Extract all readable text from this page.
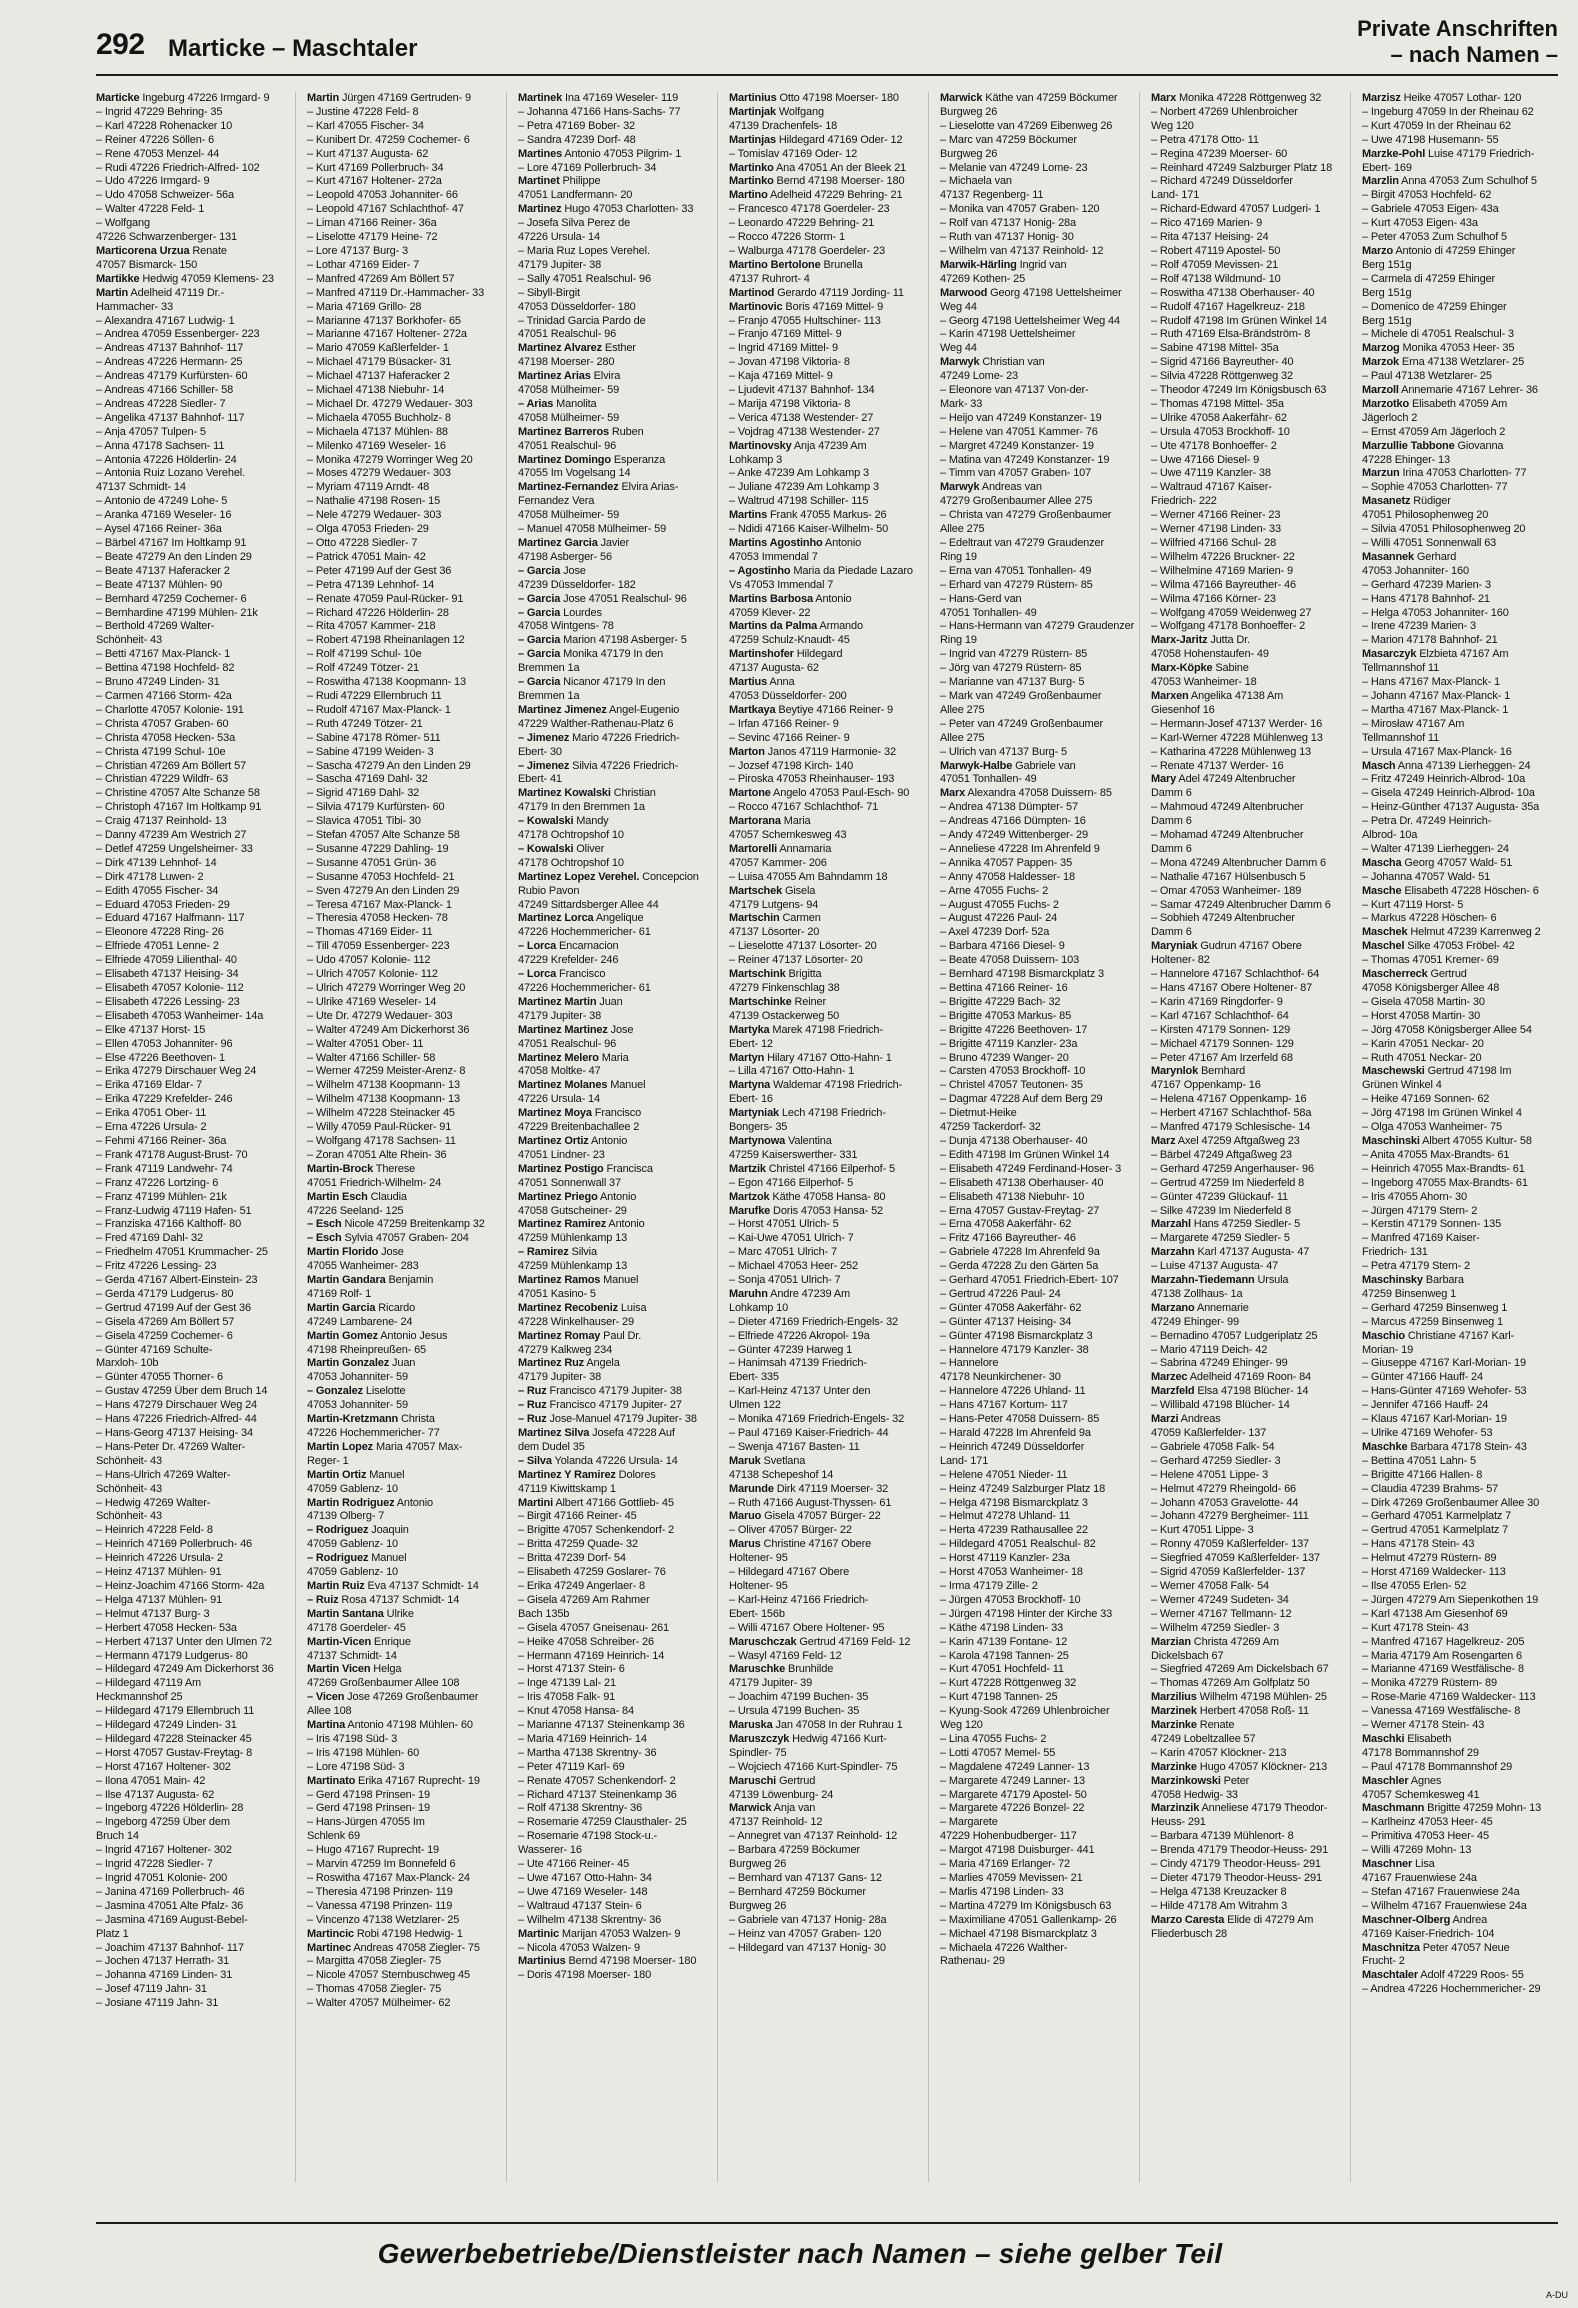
292 Marticke – Maschtaler
Private Anschriften
– nach Namen –
Marticke Ingeburg 47226 Irmgard- 9
– Ingrid 47229 Behring- 35
– Karl 47228 Rohenacker 10
– Reiner 47226 Söllen- 6
– Rene 47053 Menzel- 44
– Rudi 47226 Friedrich-Alfred- 102
– Udo 47226 Irmgard- 9
– Udo 47058 Schweizer- 56a
– Walter 47228 Feld- 1
– Wolfgang
47226 Schwarzenberger- 131
Marticorena Urzua Renate
47057 Bismarck- 150
Martikke Hedwig 47059 Klemens- 23
Martin Adelheid 47119 Dr.-
Hammacher- 33
– Alexandra 47167 Ludwig- 1
– Andrea 47059 Essenberger- 223
– Andreas 47137 Bahnhof- 117
– Andreas 47226 Hermann- 25
– Andreas 47179 Kurfürsten- 60
– Andreas 47166 Schiller- 58
– Andreas 47228 Siedler- 7
– Angelika 47137 Bahnhof- 117
– Anja 47057 Tulpen- 5
– Anna 47178 Sachsen- 11
– Antonia 47226 Hölderlin- 24
– Antonia Ruiz Lozano Verehel.
47137 Schmidt- 14
– Antonio de 47249 Lohe- 5
– Aranka 47169 Weseler- 16
– Aysel 47166 Reiner- 36a
– Bärbel 47167 Im Holtkamp 91
– Beate 47279 An den Linden 29
– Beate 47137 Haferacker 2
– Beate 47137 Mühlen- 90
– Bernhard 47259 Cochemer- 6
– Bernhardine 47199 Mühlen- 21k
– Berthold 47269 Walter-
Schönheit- 43
– Betti 47167 Max-Planck- 1
– Bettina 47198 Hochfeld- 82
– Bruno 47249 Linden- 31
– Carmen 47166 Storm- 42a
– Charlotte 47057 Kolonie- 191
– Christa 47057 Graben- 60
– Christa 47058 Hecken- 53a
– Christa 47199 Schul- 10e
– Christian 47269 Am Böllert 57
– Christian 47229 Wildfr- 63
– Christine 47057 Alte Schanze 58
– Christoph 47167 Im Holtkamp 91
– Craig 47137 Reinhold- 13
– Danny 47239 Am Westrich 27
– Detlef 47259 Ungelsheimer- 33
– Dirk 47139 Lehnhof- 14
– Dirk 47178 Luwen- 2
– Edith 47055 Fischer- 34
– Eduard 47053 Frieden- 29
– Eduard 47167 Halfmann- 117
– Eleonore 47228 Ring- 26
– Elfriede 47051 Lenne- 2
– Elfriede 47059 Lilienthal- 40
– Elisabeth 47137 Heising- 34
– Elisabeth 47057 Kolonie- 112
– Elisabeth 47226 Lessing- 23
– Elisabeth 47053 Wanheimer- 14a
– Elke 47137 Horst- 15
– Ellen 47053 Johanniter- 96
– Else 47226 Beethoven- 1
– Erika 47279 Dirschauer Weg 24
– Erika 47169 Eldar- 7
– Erika 47229 Krefelder- 246
– Erika 47051 Ober- 11
– Erna 47226 Ursula- 2
– Fehmi 47166 Reiner- 36a
– Frank 47178 August-Brust- 70
– Frank 47119 Landwehr- 74
– Franz 47226 Lortzing- 6
– Franz 47199 Mühlen- 21k
– Franz-Ludwig 47119 Hafen- 51
– Franziska 47166 Kalthoff- 80
– Fred 47169 Dahl- 32
– Friedhelm 47051 Krummacher- 25
– Fritz 47226 Lessing- 23
– Gerda 47167 Albert-Einstein- 23
– Gerda 47179 Ludgerus- 80
– Gertrud 47199 Auf der Gest 36
– Gisela 47269 Am Böllert 57
– Gisela 47259 Cochemer- 6
– Günter 47169 Schulte-
Marxloh- 10b
– Günter 47055 Thorner- 6
– Gustav 47259 Über dem Bruch 14
– Hans 47279 Dirschauer Weg 24
– Hans 47226 Friedrich-Alfred- 44
– Hans-Georg 47137 Heising- 34
– Hans-Peter Dr. 47269 Walter-
Schönheit- 43
– Hans-Ulrich 47269 Walter-
Schönheit- 43
– Hedwig 47269 Walter-
Schönheit- 43
– Heinrich 47228 Feld- 8
– Heinrich 47169 Pollerbruch- 46
– Heinrich 47226 Ursula- 2
– Heinz 47137 Mühlen- 91
– Heinz-Joachim 47166 Storm- 42a
– Helga 47137 Mühlen- 91
– Helmut 47137 Burg- 3
– Herbert 47058 Hecken- 53a
– Herbert 47137 Unter den Ulmen 72
– Hermann 47179 Ludgerus- 80
– Hildegard 47249 Am Dickerhorst 36
– Hildegard 47119 Am
Heckmannshof 25
– Hildegard 47179 Ellernbruch 11
– Hildegard 47249 Linden- 31
– Hildegard 47228 Steinacker 45
– Horst 47057 Gustav-Freytag- 8
– Horst 47167 Holtener- 302
– Ilona 47051 Main- 42
– Ilse 47137 Augusta- 62
– Ingeborg 47226 Hölderlin- 28
– Ingeborg 47259 Über dem
Bruch 14
– Ingrid 47167 Holtener- 302
– Ingrid 47228 Siedler- 7
– Ingrid 47051 Kolonie- 200
– Janina 47169 Pollerbruch- 46
– Jasmina 47051 Alte Pfalz- 36
– Jasmina 47169 August-Bebel-
Platz 1
– Joachim 47137 Bahnhof- 117
– Jochen 47137 Herrath- 31
– Johanna 47169 Linden- 31
– Josef 47119 Jahn- 31
– Josiane 47119 Jahn- 31
Martin Jürgen 47169 Gertruden- 9
– Justine 47228 Feld- 8
– Karl 47055 Fischer- 34
– Kunibert Dr. 47259 Cochemer- 6
– Kurt 47137 Augusta- 62
– Kurt 47169 Pollerbruch- 34
– Kurt 47167 Holtener- 272a
– Leopold 47053 Johanniter- 66
– Leopold 47167 Schlachthof- 47
– Liman 47166 Reiner- 36a
– Liselotte 47179 Heine- 72
– Lore 47137 Burg- 3
– Lothar 47169 Eider- 7
– Manfred 47269 Am Böllert 57
– Manfred 47119 Dr.-Hammacher- 33
– Maria 47169 Grillo- 28
– Marianne 47137 Borkhofer- 65
– Marianne 47167 Holtener- 272a
– Mario 47059 Kaßlerfelder- 1
– Michael 47179 Büsacker- 31
– Michael 47137 Haferacker 2
– Michael 47138 Niebuhr- 14
– Michael Dr. 47279 Wedauer- 303
– Michaela 47055 Buchholz- 8
– Michaela 47137 Mühlen- 88
– Milenko 47169 Weseler- 16
– Monika 47279 Worringer Weg 20
– Moses 47279 Wedauer- 303
– Myriam 47119 Arndt- 48
– Nathalie 47198 Rosen- 15
– Nele 47279 Wedauer- 303
– Olga 47053 Frieden- 29
– Otto 47228 Siedler- 7
– Patrick 47051 Main- 42
– Peter 47199 Auf der Gest 36
– Petra 47139 Lehnhof- 14
– Renate 47059 Paul-Rücker- 91
– Richard 47226 Hölderlin- 28
– Rita 47057 Kammer- 218
– Robert 47198 Rheinanlagen 12
– Rolf 47199 Schul- 10e
– Rolf 47249 Tötzer- 21
– Roswitha 47138 Koopmann- 13
– Rudi 47229 Ellernbruch 11
– Rudolf 47167 Max-Planck- 1
– Ruth 47249 Tötzer- 21
– Sabine 47178 Römer- 511
– Sabine 47199 Weiden- 3
– Sascha 47279 An den Linden 29
– Sascha 47169 Dahl- 32
– Sigrid 47169 Dahl- 32
– Silvia 47179 Kurfürsten- 60
– Slavica 47051 Tibi- 30
– Stefan 47057 Alte Schanze 58
– Susanne 47229 Dahling- 19
– Susanne 47051 Grün- 36
– Susanne 47053 Hochfeld- 21
– Sven 47279 An den Linden 29
– Teresa 47167 Max-Planck- 1
– Theresia 47058 Hecken- 78
– Thomas 47169 Eider- 11
– Till 47059 Essenberger- 223
– Udo 47057 Kolonie- 112
– Ulrich 47057 Kolonie- 112
– Ulrich 47279 Worringer Weg 20
– Ulrike 47169 Weseler- 14
– Ute Dr. 47279 Wedauer- 303
– Walter 47249 Am Dickerhorst 36
– Walter 47051 Ober- 11
– Walter 47166 Schiller- 58
– Werner 47259 Meister-Arenz- 8
– Wilhelm 47138 Koopmann- 13
– Wilhelm 47138 Koopmann- 13
– Wilhelm 47228 Steinacker 45
– Willy 47059 Paul-Rücker- 91
– Wolfgang 47178 Sachsen- 11
– Zoran 47051 Alte Rhein- 36
Martin-Brock Therese
47051 Friedrich-Wilhelm- 24
Martin Esch Claudia
47226 Seeland- 125
– Esch Nicole 47259 Breitenkamp 32
– Esch Sylvia 47057 Graben- 204
Martin Florido Jose
47055 Wanheimer- 283
Martin Gandara Benjamin
47169 Rolf- 1
Martin Garcia Ricardo
47249 Lambarene- 24
Martin Gomez Antonio Jesus
47198 Rheinpreußen- 65
Martin Gonzalez Juan
47053 Johanniter- 59
– Gonzalez Liselotte
47053 Johanniter- 59
Martin-Kretzmann Christa
47226 Hochemmericher- 77
Martin Lopez Maria 47057 Max-
Reger- 1
Martin Ortiz Manuel
47059 Gablenz- 10
Martin Rodriguez Antonio
47139 Olberg- 7
– Rodriguez Joaquin
47059 Gablenz- 10
– Rodriguez Manuel
47059 Gablenz- 10
Martin Ruiz Eva 47137 Schmidt- 14
– Ruiz Rosa 47137 Schmidt- 14
Martin Santana Ulrike
47178 Goerdeler- 45
Martin-Vicen Enrique
47137 Schmidt- 14
Martin Vicen Helga
47269 Großenbaumer Allee 108
– Vicen Jose 47269 Großenbaumer
Allee 108
Martina Antonio 47198 Mühlen- 60
– Iris 47198 Süd- 3
– Iris 47198 Mühlen- 60
– Lore 47198 Süd- 3
Martinato Erika 47167 Ruprecht- 19
– Gerd 47198 Prinsen- 19
– Gerd 47198 Prinsen- 19
– Hans-Jürgen 47055 Im
Schlenk 69
– Hugo 47167 Ruprecht- 19
– Marvin 47259 Im Bonnefeld 6
– Roswitha 47167 Max-Planck- 24
– Theresia 47198 Prinzen- 119
– Vanessa 47198 Prinzen- 119
– Vincenzo 47138 Wetzlarer- 25
Martincic Robi 47198 Hedwig- 1
Martinec Andreas 47058 Ziegler- 75
– Margitta 47058 Ziegler- 75
– Nicole 47057 Sternbuschweg 45
– Thomas 47058 Ziegler- 75
– Walter 47057 Mülheimer- 62
Martinek Ina 47169 Weseler- 119
– Johanna 47166 Hans-Sachs- 77
– Petra 47169 Bober- 32
– Sandra 47239 Dorf- 48
Martines Antonio 47053 Pilgrim- 1
– Lore 47169 Pollerbruch- 34
Martinet Philippe
47051 Landfermann- 20
Martinez Hugo 47053 Charlotten- 33
– Josefa Silva Perez de
47226 Ursula- 14
– Maria Ruz Lopes Verehel.
47179 Jupiter- 38
– Sally 47051 Realschul- 96
– Sibyll-Birgit
47053 Düsseldorfer- 180
– Trinidad Garcia Pardo de
47051 Realschul- 96
Martinez Alvarez Esther
47198 Moerser- 280
Martinez Arias Elvira
47058 Mülheimer- 59
– Arias Manolita
47058 Mülheimer- 59
Martinez Barreros Ruben
47051 Realschul- 96
Martinez Domingo Esperanza
47055 Im Vogelsang 14
Martinez-Fernandez Elvira Arias-
Fernandez Vera
47058 Mülheimer- 59
– Manuel 47058 Mülheimer- 59
Martinez Garcia Javier
47198 Asberger- 56
– Garcia Jose
47239 Düsseldorfer- 182
– Garcia Jose 47051 Realschul- 96
– Garcia Lourdes
47058 Wintgens- 78
– Garcia Marion 47198 Asberger- 5
– Garcia Monika 47179 In den
Bremmen 1a
– Garcia Nicanor 47179 In den
Bremmen 1a
Martinez Jimenez Angel-Eugenio
47229 Walther-Rathenau-Platz 6
– Jimenez Mario 47226 Friedrich-
Ebert- 30
– Jimenez Silvia 47226 Friedrich-
Ebert- 41
Martinez Kowalski Christian
47179 In den Bremmen 1a
– Kowalski Mandy
47178 Ochtropshof 10
– Kowalski Oliver
47178 Ochtropshof 10
Martinez Lopez Verehel. Concepcion
Rubio Pavon
47249 Sittardsberger Allee 44
Martinez Lorca Angelique
47226 Hochemmericher- 61
– Lorca Encarnacion
47229 Krefelder- 246
– Lorca Francisco
47226 Hochemmericher- 61
Martinez Martin Juan
47179 Jupiter- 38
Martinez Martinez Jose
47051 Realschul- 96
Martinez Melero Maria
47058 Moltke- 47
Martinez Molanes Manuel
47226 Ursula- 14
Martinez Moya Francisco
47229 Breitenbachallee 2
Martinez Ortiz Antonio
47051 Lindner- 23
Martinez Postigo Francisca
47051 Sonnenwall 37
Martinez Priego Antonio
47058 Gutscheiner- 29
Martinez Ramirez Antonio
47259 Mühlenkamp 13
– Ramirez Silvia
47259 Mühlenkamp 13
Martinez Ramos Manuel
47051 Kasino- 5
Martinez Recobeniz Luisa
47228 Winkelhauser- 29
Martinez Romay Paul Dr.
47279 Kalkweg 234
Martinez Ruz Angela
47179 Jupiter- 38
– Ruz Francisco 47179 Jupiter- 38
– Ruz Francisco 47179 Jupiter- 27
– Ruz Jose-Manuel 47179 Jupiter- 38
Martinez Silva Josefa 47228 Auf
dem Dudel 35
– Silva Yolanda 47226 Ursula- 14
Martinez Y Ramirez Dolores
47119 Kiwittskamp 1
Martini Albert 47166 Gottlieb- 45
– Birgit 47166 Reiner- 45
– Brigitte 47057 Schenkendorf- 2
– Britta 47259 Quade- 32
– Britta 47239 Dorf- 54
– Elisabeth 47259 Goslarer- 76
– Erika 47249 Angerlaer- 8
– Gisela 47269 Am Rahmer
Bach 135b
– Gisela 47057 Gneisenau- 261
– Heike 47058 Schreiber- 26
– Hermann 47169 Heinrich- 14
– Horst 47137 Stein- 6
– Inge 47139 Lal- 21
– Iris 47058 Falk- 91
– Knut 47058 Hansa- 84
– Marianne 47137 Steinenkamp 36
– Maria 47169 Heinrich- 14
– Martha 47138 Skrentny- 36
– Peter 47119 Karl- 69
– Renate 47057 Schenkendorf- 2
– Richard 47137 Steinenkamp 36
– Rolf 47138 Skrentny- 36
– Rosemarie 47259 Clausthaler- 25
– Rosemarie 47198 Stock-u.-
Wasserer- 16
– Ute 47166 Reiner- 45
– Uwe 47167 Otto-Hahn- 34
– Uwe 47169 Weseler- 148
– Waltraud 47137 Stein- 6
– Wilhelm 47138 Skrentny- 36
Martinic Marijan 47053 Walzen- 9
– Nicola 47053 Walzen- 9
Martinius Bernd 47198 Moerser- 180
– Doris 47198 Moerser- 180
Martinius Otto 47198 Moerser- 180
Martinjak Wolfgang
47139 Drachenfels- 18
Martinjas Hildegard 47169 Oder- 12
– Tomislav 47169 Oder- 12
Martinko Ana 47051 An der Bleek 21
Martinko Bernd 47198 Moerser- 180
Martino Adelheid 47229 Behring- 21
– Francesco 47178 Goerdeler- 23
– Leonardo 47229 Behring- 21
– Rocco 47226 Storm- 1
– Walburga 47178 Goerdeler- 23
Martino Bertolone Brunella
47137 Ruhrort- 4
Martinod Gerardo 47119 Jording- 11
Martinovic Boris 47169 Mittel- 9
– Franjo 47055 Hultschiner- 113
– Franjo 47169 Mittel- 9
– Ingrid 47169 Mittel- 9
– Jovan 47198 Viktoria- 8
– Kaja 47169 Mittel- 9
– Ljudevit 47137 Bahnhof- 134
– Marija 47198 Viktoria- 8
– Verica 47138 Westender- 27
– Vojdrag 47138 Westender- 27
Martinovsky Anja 47239 Am
Lohkamp 3
– Anke 47239 Am Lohkamp 3
– Juliane 47239 Am Lohkamp 3
– Waltrud 47198 Schiller- 115
Martins Frank 47055 Markus- 26
– Ndidi 47166 Kaiser-Wilhelm- 50
Martins Agostinho Antonio
47053 Immendal 7
– Agostinho Maria da Piedade Lazaro
Vs 47053 Immendal 7
Martins Barbosa Antonio
47059 Klever- 22
Martins da Palma Armando
47259 Schulz-Knaudt- 45
Martinshofer Hildegard
47137 Augusta- 62
Martius Anna
47053 Düsseldorfer- 200
Martkaya Beytiye 47166 Reiner- 9
– Irfan 47166 Reiner- 9
– Sevinc 47166 Reiner- 9
Marton Janos 47119 Harmonie- 32
– Jozsef 47198 Kirch- 140
– Piroska 47053 Rheinhauser- 193
Martone Angelo 47053 Paul-Esch- 90
– Rocco 47167 Schlachthof- 71
Martorana Maria
47057 Schemkesweg 43
Martorelli Annamaria
47057 Kammer- 206
– Luisa 47055 Am Bahndamm 18
Martschek Gisela
47179 Lutgens- 94
Martschin Carmen
47137 Lösorter- 20
– Lieselotte 47137 Lösorter- 20
– Reiner 47137 Lösorter- 20
Martschink Brigitta
47279 Finkenschlag 38
Martschinke Reiner
47139 Ostackerweg 50
Martyka Marek 47198 Friedrich-
Ebert- 12
Martyn Hilary 47167 Otto-Hahn- 1
– Lilla 47167 Otto-Hahn- 1
Martyna Waldemar 47198 Friedrich-
Ebert- 16
Martyniak Lech 47198 Friedrich-
Bongers- 35
Martynowa Valentina
47259 Kaiserswerther- 331
Martzik Christel 47166 Eilperhof- 5
– Egon 47166 Eilperhof- 5
Martzok Käthe 47058 Hansa- 80
Marufke Doris 47053 Hansa- 52
– Horst 47051 Ulrich- 5
– Kai-Uwe 47051 Ulrich- 7
– Marc 47051 Ulrich- 7
– Michael 47053 Heer- 252
– Sonja 47051 Ulrich- 7
Maruhn Andre 47239 Am
Lohkamp 10
– Dieter 47169 Friedrich-Engels- 32
– Elfriede 47226 Akropol- 19a
– Günter 47239 Harweg 1
– Hanimsah 47139 Friedrich-
Ebert- 335
– Karl-Heinz 47137 Unter den
Ulmen 122
– Monika 47169 Friedrich-Engels- 32
– Paul 47169 Kaiser-Friedrich- 44
– Swenja 47167 Basten- 11
Maruk Svetlana
47138 Schepeshof 14
Marunde Dirk 47119 Moerser- 32
– Ruth 47166 August-Thyssen- 61
Maruo Gisela 47057 Bürger- 22
– Oliver 47057 Bürger- 22
Marus Christine 47167 Obere
Holtener- 95
– Hildegard 47167 Obere
Holtener- 95
– Karl-Heinz 47166 Friedrich-
Ebert- 156b
– Willi 47167 Obere Holtener- 95
Maruschczak Gertrud 47169 Feld- 12
– Wasyl 47169 Feld- 12
Maruschke Brunhilde
47179 Jupiter- 39
– Joachim 47199 Buchen- 35
– Ursula 47199 Buchen- 35
Maruska Jan 47058 In der Ruhrau 1
Maruszczyk Hedwig 47166 Kurt-
Spindler- 75
– Wojciech 47166 Kurt-Spindler- 75
Maruschi Gertrud
47139 Löwenburg- 24
Marwick Anja van
47137 Reinhold- 12
– Annegret van 47137 Reinhold- 12
– Barbara 47259 Böckumer
Burgweg 26
– Bernhard van 47137 Gans- 12
– Bernhard 47259 Böckumer
Burgweg 26
– Gabriele van 47137 Honig- 28a
– Heinz van 47057 Graben- 120
– Hildegard van 47137 Honig- 30
Marwick Käthe van 47259 Böckumer
Burgweg 26
– Lieselotte van 47269 Eibenweg 26
– Marc van 47259 Böckumer
Burgweg 26
– Melanie van 47249 Lome- 23
– Michaela van
47137 Regenberg- 11
– Monika van 47057 Graben- 120
– Rolf van 47137 Honig- 28a
– Ruth van 47137 Honig- 30
– Wilhelm van 47137 Reinhold- 12
Marwik-Härling Ingrid van
47269 Kothen- 25
Marwood Georg 47198 Uettelsheimer
Weg 44
– Georg 47198 Uettelsheimer Weg 44
– Karin 47198 Uettelsheimer
Weg 44
Marwyk Christian van
47249 Lome- 23
– Eleonore van 47137 Von-der-
Mark- 33
– Heijo van 47249 Konstanzer- 19
– Helene van 47051 Kammer- 76
– Margret 47249 Konstanzer- 19
– Matina van 47249 Konstanzer- 19
– Timm van 47057 Graben- 107
Marwyk Andreas van
47279 Großenbaumer Allee 275
– Christa van 47279 Großenbaumer
Allee 275
– Edeltraut van 47279 Graudenzer
Ring 19
– Erna van 47051 Tonhallen- 49
– Erhard van 47279 Rüstern- 85
– Hans-Gerd van
47051 Tonhallen- 49
– Hans-Hermann van 47279 Graudenzer
Ring 19
– Ingrid van 47279 Rüstern- 85
– Jörg van 47279 Rüstern- 85
– Marianne van 47137 Burg- 5
– Mark van 47249 Großenbaumer
Allee 275
– Peter van 47249 Großenbaumer
Allee 275
– Ulrich van 47137 Burg- 5
Marwyk-Halbe Gabriele van
47051 Tonhallen- 49
Marx Alexandra 47058 Duissern- 85
– Andrea 47138 Dümpter- 57
– Andreas 47166 Dümpten- 16
– Andy 47249 Wittenberger- 29
– Anneliese 47228 Im Ahrenfeld 9
– Annika 47057 Pappen- 35
– Anny 47058 Haldesser- 18
– Arne 47055 Fuchs- 2
– August 47055 Fuchs- 2
– August 47226 Paul- 24
– Axel 47239 Dorf- 52a
– Barbara 47166 Diesel- 9
– Beate 47058 Duissern- 103
– Bernhard 47198 Bismarckplatz 3
– Bettina 47166 Reiner- 16
– Brigitte 47229 Bach- 32
– Brigitte 47053 Markus- 85
– Brigitte 47226 Beethoven- 17
– Brigitte 47119 Kanzler- 23a
– Bruno 47239 Wanger- 20
– Carsten 47053 Brockhoff- 10
– Christel 47057 Teutonen- 35
– Dagmar 47228 Auf dem Berg 29
– Dietmut-Heike
47259 Tackerdorf- 32
– Dunja 47138 Oberhauser- 40
– Edith 47198 Im Grünen Winkel 14
– Elisabeth 47249 Ferdinand-Hoser- 3
– Elisabeth 47138 Oberhauser- 40
– Elisabeth 47138 Niebuhr- 10
– Erna 47057 Gustav-Freytag- 27
– Erna 47058 Aakerfähr- 62
– Fritz 47166 Bayreuther- 46
– Gabriele 47228 Im Ahrenfeld 9a
– Gerda 47228 Zu den Gärten 5a
– Gerhard 47051 Friedrich-Ebert- 107
– Gertrud 47226 Paul- 24
– Günter 47058 Aakerfähr- 62
– Günter 47137 Heising- 34
– Günter 47198 Bismarckplatz 3
– Hannelore 47179 Kanzler- 38
– Hannelore
47178 Neunkirchener- 30
– Hannelore 47226 Uhland- 11
– Hans 47167 Kortum- 117
– Hans-Peter 47058 Duissern- 85
– Harald 47228 Im Ahrenfeld 9a
– Heinrich 47249 Düsseldorfer
Land- 171
– Helene 47051 Nieder- 11
– Heinz 47249 Salzburger Platz 18
– Helga 47198 Bismarckplatz 3
– Helmut 47278 Uhland- 11
– Herta 47239 Rathausallee 22
– Hildegard 47051 Realschul- 82
– Horst 47119 Kanzler- 23a
– Horst 47053 Wanheimer- 18
– Irma 47179 Zille- 2
– Jürgen 47053 Brockhoff- 10
– Jürgen 47198 Hinter der Kirche 33
– Käthe 47198 Linden- 33
– Karin 47139 Fontane- 12
– Karola 47198 Tannen- 25
– Kurt 47051 Hochfeld- 11
– Kurt 47228 Röttgenweg 32
– Kurt 47198 Tannen- 25
– Kyung-Sook 47269 Uhlenbroicher
Weg 120
– Lina 47055 Fuchs- 2
– Lotti 47057 Memel- 55
– Magdalene 47249 Lanner- 13
– Margarete 47249 Lanner- 13
– Margarete 47179 Apostel- 50
– Margarete 47226 Bonzel- 22
– Margarete
47229 Hohenbudberger- 117
– Margot 47198 Duisburger- 441
– Maria 47169 Erlanger- 72
– Marlies 47059 Mevissen- 21
– Marlis 47198 Linden- 33
– Martina 47279 Im Königsbusch 63
– Maximiliane 47051 Gallenkamp- 26
– Michael 47198 Bismarckplatz 3
– Michaela 47226 Walther-
Rathenau- 29
Marx Monika 47228 Röttgenweg 32
– Norbert 47269 Uhlenbroicher
Weg 120
– Petra 47178 Otto- 11
– Regina 47239 Moerser- 60
– Reinhard 47249 Salzburger Platz 18
– Richard 47249 Düsseldorfer
Land- 171
– Richard-Edward 47057 Ludgeri- 1
– Rico 47169 Marien- 9
– Rita 47137 Heising- 24
– Robert 47119 Apostel- 50
– Rolf 47059 Mevissen- 21
– Rolf 47138 Wildmund- 10
– Roswitha 47138 Oberhauser- 40
– Rudolf 47167 Hagelkreuz- 218
– Rudolf 47198 Im Grünen Winkel 14
– Ruth 47169 Elsa-Brändström- 8
– Sabine 47198 Mittel- 35a
– Sigrid 47166 Bayreuther- 40
– Silvia 47228 Röttgenweg 32
– Theodor 47249 Im Königsbusch 63
– Thomas 47198 Mittel- 35a
– Ulrike 47058 Aakerfähr- 62
– Ursula 47053 Brockhoff- 10
– Ute 47178 Bonhoeffer- 2
– Uwe 47166 Diesel- 9
– Uwe 47119 Kanzler- 38
– Waltraud 47167 Kaiser-
Friedrich- 222
– Werner 47166 Reiner- 23
– Werner 47198 Linden- 33
– Wilfried 47166 Schul- 28
– Wilhelm 47226 Bruckner- 22
– Wilhelmine 47169 Marien- 9
– Wilma 47166 Bayreuther- 46
– Wilma 47166 Körner- 23
– Wolfgang 47059 Weidenweg 27
– Wolfgang 47178 Bonhoeffer- 2
Marx-Jaritz Jutta Dr.
47058 Hohenstaufen- 49
Marx-Köpke Sabine
47053 Wanheimer- 18
Marxen Angelika 47138 Am
Giesenhof 16
– Hermann-Josef 47137 Werder- 16
– Karl-Werner 47228 Mühlenweg 13
– Katharina 47228 Mühlenweg 13
– Renate 47137 Werder- 16
Mary Adel 47249 Altenbrucher
Damm 6
– Mahmoud 47249 Altenbrucher
Damm 6
– Mohamad 47249 Altenbrucher
Damm 6
– Mona 47249 Altenbrucher Damm 6
– Nathalie 47167 Hülsenbusch 5
– Omar 47053 Wanheimer- 189
– Samar 47249 Altenbrucher Damm 6
– Sobhieh 47249 Altenbrucher
Damm 6
Maryniak Gudrun 47167 Obere
Holtener- 82
– Hannelore 47167 Schlachthof- 64
– Hans 47167 Obere Holtener- 87
– Karin 47169 Ringdorfer- 9
– Karl 47167 Schlachthof- 64
– Kirsten 47179 Sonnen- 129
– Michael 47179 Sonnen- 129
– Peter 47167 Am Irzerfeld 68
Marynlok Bernhard
47167 Oppenkamp- 16
– Helena 47167 Oppenkamp- 16
– Herbert 47167 Schlachthof- 58a
– Manfred 47179 Schlesische- 14
Marz Axel 47259 Aftgaßweg 23
– Bärbel 47249 Aftgaßweg 23
– Gerhard 47259 Angerhauser- 96
– Gertrud 47259 Im Niederfeld 8
– Günter 47239 Glückauf- 11
– Silke 47239 Im Niederfeld 8
Marzahl Hans 47259 Siedler- 5
– Margarete 47259 Siedler- 5
Marzahn Karl 47137 Augusta- 47
– Luise 47137 Augusta- 47
Marzahn-Tiedemann Ursula
47138 Zollhaus- 1a
Marzano Annemarie
47249 Ehinger- 99
– Bernadino 47057 Ludgeriplatz 25
– Mario 47119 Deich- 42
– Sabrina 47249 Ehinger- 99
Marzec Adelheid 47169 Roon- 84
Marzfeld Elsa 47198 Blücher- 14
– Willibald 47198 Blücher- 14
Marzi Andreas
47059 Kaßlerfelder- 137
– Gabriele 47058 Falk- 54
– Gerhard 47259 Siedler- 3
– Helene 47051 Lippe- 3
– Helmut 47279 Rheingold- 66
– Johann 47053 Gravelotte- 44
– Johann 47279 Bergheimer- 111
– Kurt 47051 Lippe- 3
– Ronny 47059 Kaßlerfelder- 137
– Siegfried 47059 Kaßlerfelder- 137
– Sigrid 47059 Kaßlerfelder- 137
– Werner 47058 Falk- 54
– Werner 47249 Sudeten- 34
– Werner 47167 Tellmann- 12
– Wilhelm 47259 Siedler- 3
Marzian Christa 47269 Am
Dickelsbach 67
– Siegfried 47269 Am Dickelsbach 67
– Thomas 47269 Am Golfplatz 50
Marzilius Wilhelm 47198 Mühlen- 25
Marzinek Herbert 47058 Roß- 11
Marzinke Renate
47249 Lobeltzallee 57
– Karin 47057 Klöckner- 213
Marzinke Hugo 47057 Klöckner- 213
Marzinkowski Peter
47058 Hedwig- 33
Marzinzik Anneliese 47179 Theodor-
Heuss- 291
– Barbara 47139 Mühlenort- 8
– Brenda 47179 Theodor-Heuss- 291
– Cindy 47179 Theodor-Heuss- 291
– Dieter 47179 Theodor-Heuss- 291
– Helga 47138 Kreuzacker 8
– Hilde 47178 Am Witrahm 3
Marzo Caresta Elide di 47279 Am
Fliederbusch 28
Marzisz Heike 47057 Lothar- 120
– Ingeburg 47059 In der Rheinau 62
– Kurt 47059 In der Rheinau 62
– Uwe 47198 Husemann- 55
Marzke-Pohl Luise 47179 Friedrich-
Ebert- 169
Marzlin Anna 47053 Zum Schulhof 5
– Birgit 47053 Hochfeld- 62
– Gabriele 47053 Eigen- 43a
– Kurt 47053 Eigen- 43a
– Peter 47053 Zum Schulhof 5
Marzo Antonio di 47259 Ehinger
Berg 151g
– Carmela di 47259 Ehinger
Berg 151g
– Domenico de 47259 Ehinger
Berg 151g
– Michele di 47051 Realschul- 3
Marzog Monika 47053 Heer- 35
Marzok Erna 47138 Wetzlarer- 25
– Paul 47138 Wetzlarer- 25
Marzoll Annemarie 47167 Lehrer- 36
Marzotko Elisabeth 47059 Am
Jägerloch 2
– Ernst 47059 Am Jägerloch 2
Marzullie Tabbone Giovanna
47228 Ehinger- 13
Marzun Irina 47053 Charlotten- 77
– Sophie 47053 Charlotten- 77
Masanetz Rüdiger
47051 Philosophenweg 20
– Silvia 47051 Philosophenweg 20
– Willi 47051 Sonnenwall 63
Masannek Gerhard
47053 Johanniter- 160
– Gerhard 47239 Marien- 3
– Hans 47178 Bahnhof- 21
– Helga 47053 Johanniter- 160
– Irene 47239 Marien- 3
– Marion 47178 Bahnhof- 21
Masarczyk Elzbieta 47167 Am
Tellmannshof 11
– Hans 47167 Max-Planck- 1
– Johann 47167 Max-Planck- 1
– Martha 47167 Max-Planck- 1
– Mirosław 47167 Am
Tellmannshof 11
– Ursula 47167 Max-Planck- 16
Masch Anna 47139 Lierheggen- 24
– Fritz 47249 Heinrich-Albrod- 10a
– Gisela 47249 Heinrich-Albrod- 10a
– Heinz-Günther 47137 Augusta- 35a
– Petra Dr. 47249 Heinrich-
Albrod- 10a
– Walter 47139 Lierheggen- 24
Mascha Georg 47057 Wald- 51
– Johanna 47057 Wald- 51
Masche Elisabeth 47228 Höschen- 6
– Kurt 47119 Horst- 5
– Markus 47228 Höschen- 6
Maschek Helmut 47239 Karrenweg 2
Maschel Silke 47053 Fröbel- 42
– Thomas 47051 Kremer- 69
Mascherreck Gertrud
47058 Königsberger Allee 48
– Gisela 47058 Martin- 30
– Horst 47058 Martin- 30
– Jörg 47058 Königsberger Allee 54
– Karin 47051 Neckar- 20
– Ruth 47051 Neckar- 20
Maschewski Gertrud 47198 Im
Grünen Winkel 4
– Heike 47169 Sonnen- 62
– Jörg 47198 Im Grünen Winkel 4
– Olga 47053 Wanheimer- 75
Maschinski Albert 47055 Kultur- 58
– Anita 47055 Max-Brandts- 61
– Heinrich 47055 Max-Brandts- 61
– Ingeborg 47055 Max-Brandts- 61
– Iris 47055 Ahorn- 30
– Jürgen 47179 Stern- 2
– Kerstin 47179 Sonnen- 135
– Manfred 47169 Kaiser-
Friedrich- 131
– Petra 47179 Stern- 2
Maschinsky Barbara
47259 Binsenweg 1
– Gerhard 47259 Binsenweg 1
– Marcus 47259 Binsenweg 1
Maschio Christiane 47167 Karl-
Morian- 19
– Giuseppe 47167 Karl-Morian- 19
– Günter 47166 Hauff- 24
– Hans-Günter 47169 Wehofer- 53
– Jennifer 47166 Hauff- 24
– Klaus 47167 Karl-Morian- 19
– Ulrike 47169 Wehofer- 53
Maschke Barbara 47178 Stein- 43
– Bettina 47051 Lahn- 5
– Brigitte 47166 Hallen- 8
– Claudia 47239 Brahms- 57
– Dirk 47269 Großenbaumer Allee 30
– Gerhard 47051 Karmelplatz 7
– Gertrud 47051 Karmelplatz 7
– Hans 47178 Stein- 43
– Helmut 47279 Rüstern- 89
– Horst 47169 Waldecker- 113
– Ilse 47055 Erlen- 52
– Jürgen 47279 Am Siepenkothen 19
– Karl 47138 Am Giesenhof 69
– Kurt 47178 Stein- 43
– Manfred 47167 Hagelkreuz- 205
– Maria 47179 Am Rosengarten 6
– Marianne 47169 Westfälische- 8
– Monika 47279 Rüstern- 89
– Rose-Marie 47169 Waldecker- 113
– Vanessa 47169 Westfälische- 8
– Werner 47178 Stein- 43
Maschki Elisabeth
47178 Bommannshof 29
– Paul 47178 Bommannshof 29
Maschler Agnes
47057 Schemkesweg 41
Maschmann Brigitte 47259 Mohn- 13
– Karlheinz 47053 Heer- 45
– Primitiva 47053 Heer- 45
– Willi 47269 Mohn- 13
Maschner Lisa
47167 Frauenwiese 24a
– Stefan 47167 Frauenwiese 24a
– Wilhelm 47167 Frauenwiese 24a
Maschner-Olberg Andrea
47169 Kaiser-Friedrich- 104
Maschnitza Peter 47057 Neue
Frucht- 2
Maschtaler Adolf 47229 Roos- 55
– Andrea 47226 Hochemmericher- 29
Gewerbebetriebe/Dienstleister nach Namen – siehe gelber Teil
A-DU
